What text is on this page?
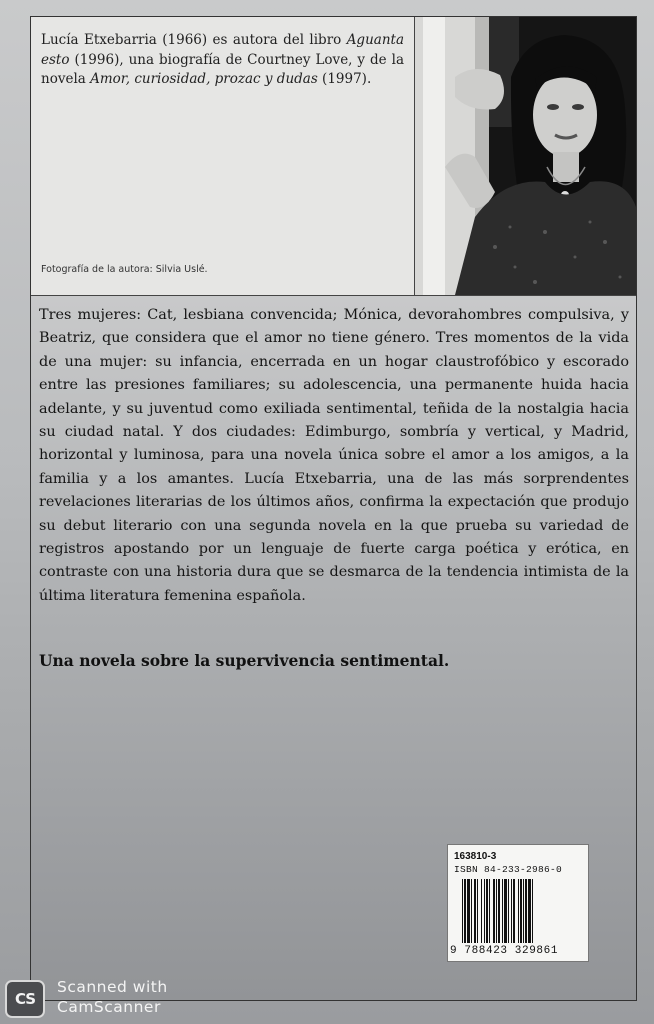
Lucía Etxebarria (1966) es autora del libro Aguanta esto (1996), una biografía de Courtney Love, y de la novela Amor, curiosidad, prozac y dudas (1997).
Fotografía de la autora: Silvia Uslé.
Tres mujeres: Cat, lesbiana convencida; Mónica, devorahombres compulsiva, y Beatriz, que considera que el amor no tiene género. Tres momentos de la vida de una mujer: su infancia, encerrada en un hogar claustrofóbico y escorado entre las presiones familiares; su adolescencia, una permanente huida hacia adelante, y su juventud como exiliada sentimental, teñida de la nostalgia hacia su ciudad natal. Y dos ciudades: Edimburgo, sombría y vertical, y Madrid, horizontal y luminosa, para una novela única sobre el amor a los amigos, a la familia y a los amantes. Lucía Etxebarria, una de las más sorprendentes revelaciones literarias de los últimos años, confirma la expectación que produjo su debut literario con una segunda novela en la que prueba su variedad de registros apostando por un lenguaje de fuerte carga poética y erótica, en contraste con una historia dura que se desmarca de la tendencia intimista de la última literatura femenina española.
Una novela sobre la supervivencia sentimental.
163810-3
ISBN 84-233-2986-0
9 788423 329861
CS
Scanned with
CamScanner
